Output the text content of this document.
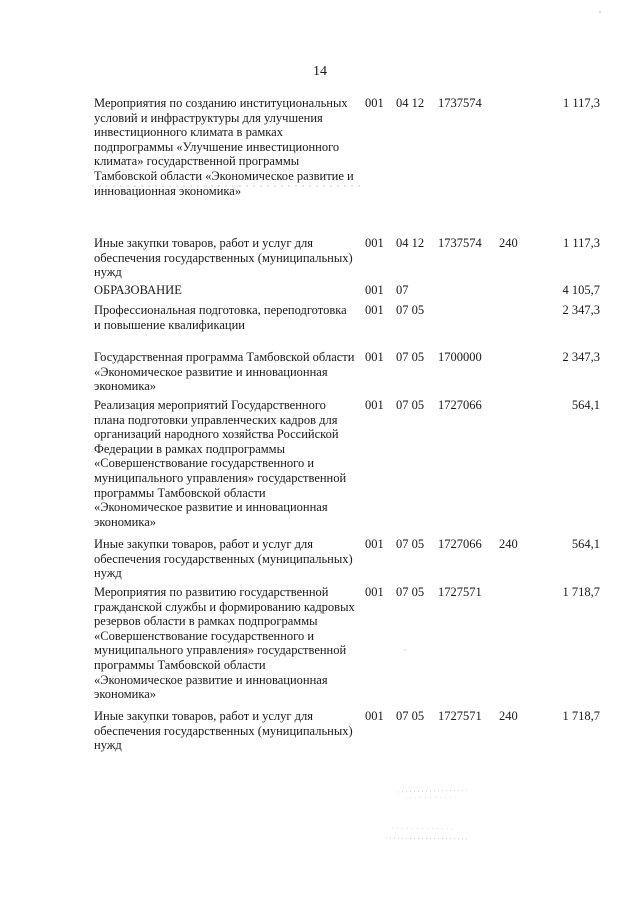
14
Мероприятия по созданию институциональных условий и инфраструктуры для улучшения инвестиционного климата в рамках подпрограммы «Улучшение инвестиционного климата» государственной программы Тамбовской области «Экономическое развитие и инновационная экономика»
001 04 12 1737574	1 117,3
Иные закупки товаров, работ и услуг для обеспечения государственных (муниципальных) нужд
001 04 12 1737574 240	1 117,3
ОБРАЗОВАНИЕ	001 07	4 105,7
Профессиональная подготовка, переподготовка и повышение квалификации
001 07 05	2 347,3
Государственная программа Тамбовской области «Экономическое развитие и инновационная экономика»
001 07 05 1700000	2 347,3
Реализация мероприятий Государственного плана подготовки управленческих кадров для организаций народного хозяйства Российской Федерации в рамках подпрограммы «Совершенствование государственного и муниципального управления» государственной программы Тамбовской области «Экономическое развитие и инновационная экономика»
001 07 05 1727066	564,1
Иные закупки товаров, работ и услуг для обеспечения государственных (муниципальных) нужд
001 07 05 1727066 240	564,1
Мероприятия по развитию государственной гражданской службы и формированию кадровых резервов области в рамках подпрограммы «Совершенствование государственного и муниципального управления» государственной программы Тамбовской области «Экономическое развитие и инновационная экономика»
001 07 05 1727571	1 718,7
Иные закупки товаров, работ и услуг для обеспечения государственных (муниципальных) нужд
001 07 05 1727571 240	1 718,7
